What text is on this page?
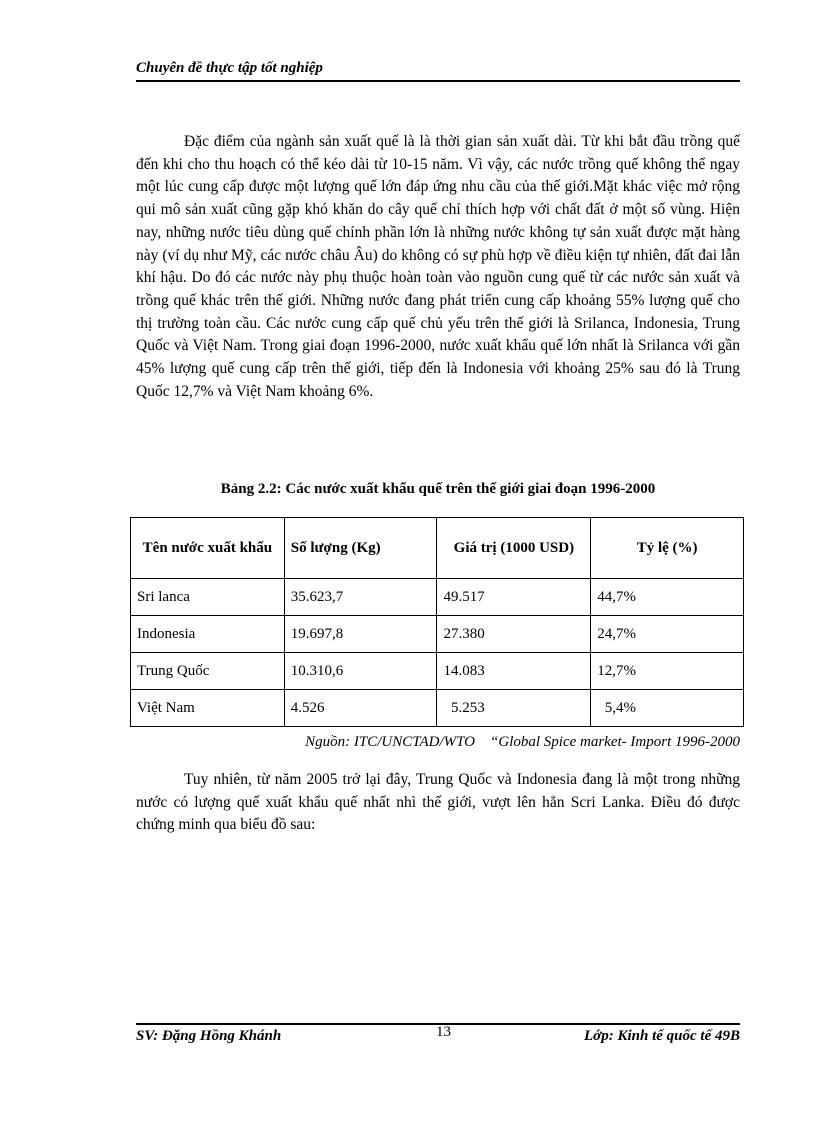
Chuyên đề thực tập tốt nghiệp

Đặc điểm của ngành sản xuất quế là là thời gian sản xuất dài. Từ khi bắt đầu trồng quế đến khi cho thu hoạch có thể kéo dài từ 10-15 năm. Vì vậy, các nước trồng quế không thể ngay một lúc cung cấp được một lượng quế lớn đáp ứng nhu cầu của thế giới.Mặt khác việc mở rộng qui mô sản xuất cũng gặp khó khăn do cây quế chỉ thích hợp với chất đất ở một số vùng. Hiện nay, những nước tiêu dùng quế chính phần lớn là những nước không tự sản xuất được mặt hàng này (ví dụ như Mỹ, các nước châu Âu) do không có sự phù hợp về điều kiện tự nhiên, đất đai lẫn khí hậu. Do đó các nước này phụ thuộc hoàn toàn vào nguồn cung quế từ các nước sản xuất và trồng quế khác trên thế giới. Những nước đang phát triển cung cấp khoảng 55% lượng quế cho thị trường toàn cầu. Các nước cung cấp quế chủ yếu trên thế giới là Srilanca, Indonesia, Trung Quốc và Việt Nam. Trong giai đoạn 1996-2000, nước xuất khẩu quế lớn nhất là Srilanca với gần 45% lượng quế cung cấp trên thế giới, tiếp đến là Indonesia với khoảng 25% sau đó là Trung Quốc 12,7% và Việt Nam khoảng 6%.

Bảng 2.2: Các nước xuất khẩu quế trên thế giới giai đoạn 1996-2000
Tên nước xuất khẩu	Số lượng (Kg)	Giá trị (1000 USD)	Tỷ lệ (%)
Sri lanca	35.623,7	49.517	44,7%
Indonesia	19.697,8	27.380	24,7%
Trung Quốc	10.310,6	14.083	12,7%
Việt Nam	4.526	5.253	5,4%
Nguồn: ITC/UNCTAD/WTO    “Global Spice market- Import 1996-2000

Tuy nhiên, từ năm 2005 trở lại đây, Trung Quốc và Indonesia đang là một trong những nước có lượng quế xuất khẩu quế nhất nhì thế giới, vượt lên hẳn Scri Lanka. Điều đó được chứng minh qua biểu đồ sau:

SV: Đặng Hồng Khánh	13	Lớp: Kinh tế quốc tế 49B
